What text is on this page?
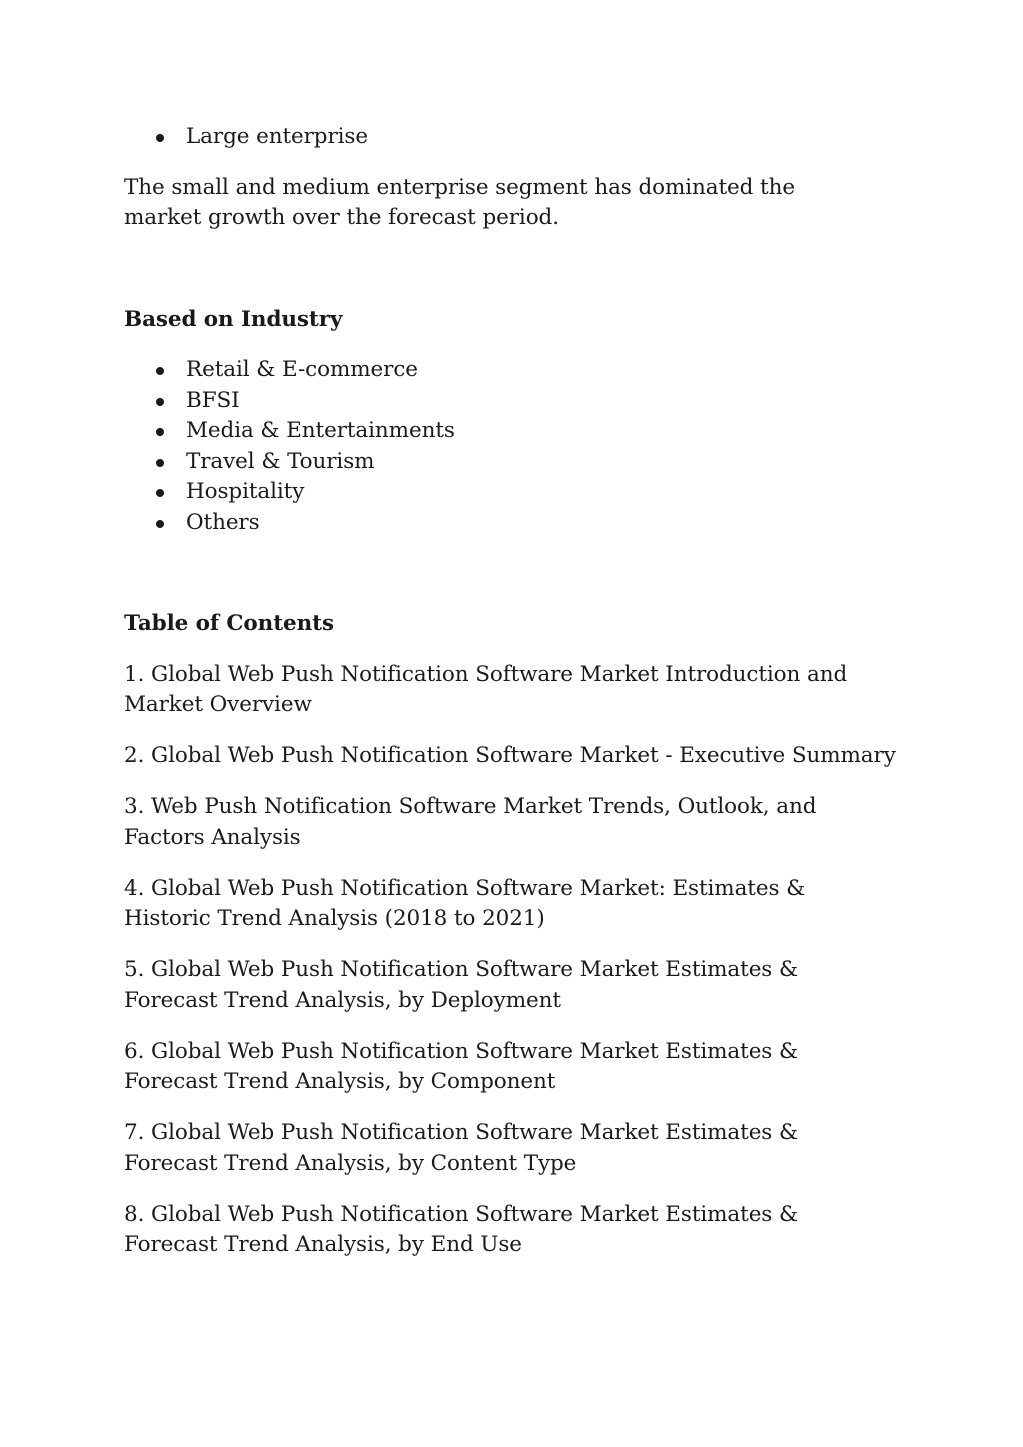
Large enterprise

The small and medium enterprise segment has dominated the market growth over the forecast period.

Based on Industry

Retail & E-commerce
BFSI
Media & Entertainments
Travel & Tourism
Hospitality
Others

Table of Contents

1. Global Web Push Notification Software Market Introduction and Market Overview

2. Global Web Push Notification Software Market - Executive Summary

3. Web Push Notification Software Market Trends, Outlook, and Factors Analysis

4. Global Web Push Notification Software Market: Estimates & Historic Trend Analysis (2018 to 2021)

5. Global Web Push Notification Software Market Estimates & Forecast Trend Analysis, by Deployment

6. Global Web Push Notification Software Market Estimates & Forecast Trend Analysis, by Component

7. Global Web Push Notification Software Market Estimates & Forecast Trend Analysis, by Content Type

8. Global Web Push Notification Software Market Estimates & Forecast Trend Analysis, by End Use
